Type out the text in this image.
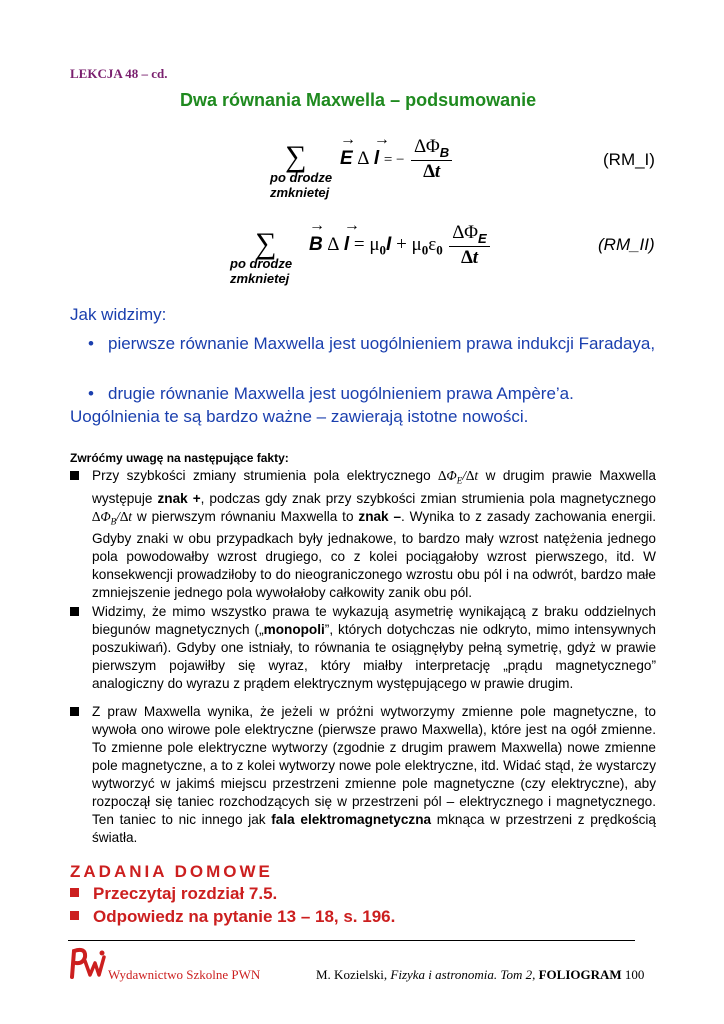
LEKCJA 48 – cd.
Dwa równania Maxwella – podsumowanie
∑
po drodze
zmknietej
→ E ∆ → l = − $\frac{\Delta\Phi_B}{\Delta t}$	(RM_I)
∑
po drodze
zmknietej
→ B ∆ → $l = \mu_0I + \mu_0\varepsilon_0 \frac{\Delta\Phi_E}{\Delta t}$	(RM_II)
Jak widzimy:
• pierwsze równanie Maxwella jest uogólnieniem prawa indukcji Faradaya,
• drugie równanie Maxwella jest uogólnieniem prawa Ampère’a.
Uogólnienia te są bardzo ważne – zawierają istotne nowości.
Zwróćmy uwagę na następujące fakty:
Przy szybkości zmiany strumienia pola elektrycznego $\Delta\Phi_E/\Delta t$ w drugim prawie Maxwella występuje znak +, podczas gdy znak przy szybkości zmian strumienia pola magnetycznego $\Delta\Phi_B/\Delta t$ w pierwszym równaniu Maxwella to znak –. Wynika to z zasady zachowania energii. Gdyby znaki w obu przypadkach były jednakowe, to bardzo mały wzrost natężenia jednego pola powodowałby wzrost drugiego, co z kolei pociągałoby wzrost pierwszego, itd. W konsekwencji prowadziłoby to do nieograniczonego wzrostu obu pól i na odwrót, bardzo małe zmniejszenie jednego pola wywołałoby całkowity zanik obu pól.
Widzimy, że mimo wszystko prawa te wykazują asymetrię wynikającą z braku oddzielnych biegunów magnetycznych („monopoli”, których dotychczas nie odkryto, mimo intensywnych poszukiwań). Gdyby one istniały, to równania te osiągnęłyby pełną symetrię, gdyż w prawie pierwszym pojawiłby się wyraz, który miałby interpretację „prądu magnetycznego” analogiczny do wyrazu z prądem elektrycznym występującego w prawie drugim.
Z praw Maxwella wynika, że jeżeli w próżni wytworzymy zmienne pole magnetyczne, to wywoła ono wirowe pole elektryczne (pierwsze prawo Maxwella), które jest na ogół zmienne. To zmienne pole elektryczne wytworzy (zgodnie z drugim prawem Maxwella) nowe zmienne pole magnetyczne, a to z kolei wytworzy nowe pole elektryczne, itd. Widać stąd, że wystarczy wytworzyć w jakimś miejscu przestrzeni zmienne pole magnetyczne (czy elektryczne), aby rozpoczął się taniec rozchodzących się w przestrzeni pól – elektrycznego i magnetycznego. Ten taniec to nic innego jak fala elektromagnetyczna mknąca w przestrzeni z prędkością światła.
ZADANIA DOMOWE
Przeczytaj rozdział 7.5.
Odpowiedz na pytanie 13 – 18, s. 196.
Wydawnictwo Szkolne PWN	M. Kozielski, Fizyka i astronomia. Tom 2, FOLIOGRAM 100
